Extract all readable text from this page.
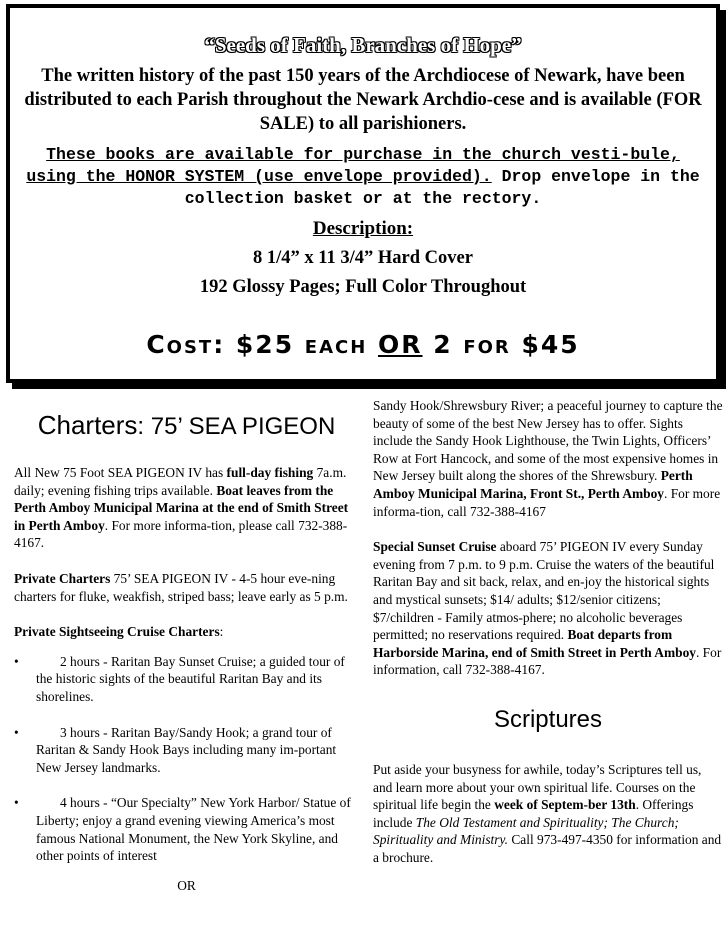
“Seeds of Faith, Branches of Hope”
The written history of the past 150 years of the Archdiocese of Newark, have been distributed to each Parish throughout the Newark Archdio-cese and is available (FOR SALE) to all parishioners.
These books are available for purchase in the church vesti-bule, using the HONOR SYSTEM (use envelope provided). Drop envelope in the collection basket or at the rectory.
Description:
8 1/4” x 11 3/4” Hard Cover
192 Glossy Pages; Full Color Throughout
Cost: $25 each OR 2 for $45
Charters: 75’ SEA PIGEON

All New 75 Foot SEA PIGEON IV has full-day fishing 7a.m. daily; evening fishing trips available. Boat leaves from the Perth Amboy Municipal Marina at the end of Smith Street in Perth Amboy. For more informa-tion, please call 732-388-4167.

Private Charters 75’ SEA PIGEON IV - 4-5 hour eve-ning charters for fluke, weakfish, striped bass; leave early as 5 p.m.

Private Sightseeing Cruise Charters:

•	2 hours - Raritan Bay Sunset Cruise; a guided tour of the historic sights of the beautiful Raritan Bay and its shorelines.
•	3 hours - Raritan Bay/Sandy Hook; a grand tour of Raritan & Sandy Hook Bays including many im-portant New Jersey landmarks.
•	4 hours - “Our Specialty” New York Harbor/ Statue of Liberty; enjoy a grand evening viewing America’s most famous National Monument, the New York Skyline, and other points of interest
OR

Sandy Hook/Shrewsbury River; a peaceful journey to capture the beauty of some of the best New Jersey has to offer. Sights include the Sandy Hook Lighthouse, the Twin Lights, Officers’ Row at Fort Hancock, and some of the most expensive homes in New Jersey built along the shores of the Shrewsbury. Perth Amboy Municipal Marina, Front St., Perth Amboy. For more informa-tion, call 732-388-4167

Special Sunset Cruise aboard 75’ PIGEON IV every Sunday evening from 7 p.m. to 9 p.m. Cruise the waters of the beautiful Raritan Bay and sit back, relax, and en-joy the historical sights and mystical sunsets; $14/ adults; $12/senior citizens; $7/children - Family atmos-phere; no alcoholic beverages permitted; no reservations required. Boat departs from Harborside Marina, end of Smith Street in Perth Amboy. For information, call 732-388-4167.

Scriptures

Put aside your busyness for awhile, today’s Scriptures tell us, and learn more about your own spiritual life. Courses on the spiritual life begin the week of Septem-ber 13th. Offerings include The Old Testament and Spirituality; The Church; Spirituality and Ministry. Call 973-497-4350 for information and a brochure.
